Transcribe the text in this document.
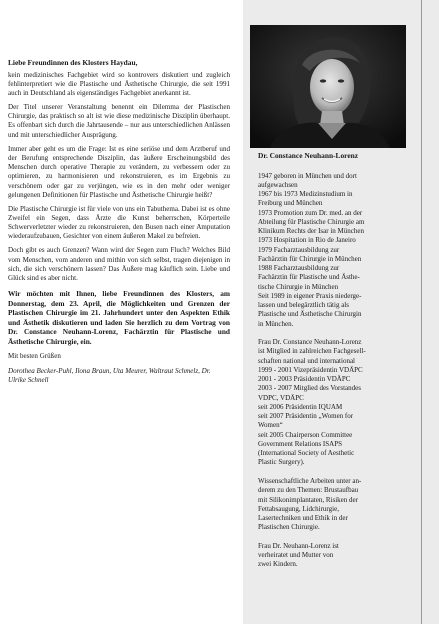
Liebe Freundinnen des Klosters Haydau,

kein medizinisches Fachgebiet wird so kontrovers diskutiert und zugleich fehlinterpretiert wie die Plastische und Ästhetische Chirurgie, die seit 1991 auch in Deutschland als eigenständiges Fachgebiet anerkannt ist.

Der Titel unserer Veranstaltung benennt ein Dilemma der Plastischen Chirurgie, das praktisch so alt ist wie diese medizinische Disziplin überhaupt. Es offenbart sich durch die Jahrtausende – nur aus unterschiedlichen Anlässen und mit unterschiedlicher Ausprägung.

Immer aber geht es um die Frage: Ist es eine seriöse und dem Arztberuf und der Berufung entsprechende Disziplin, das äußere Erscheinungsbild des Menschen durch operative Therapie zu verändern, zu verbessern oder zu optimieren, zu harmonisieren und rekonstruieren, es im Ergebnis zu verschönern oder gar zu verjüngen, wie es in den mehr oder weniger gelungenen Definitionen für Plastische und Ästhetische Chirurgie heißt?

Die Plastische Chirurgie ist für viele von uns ein Tabuthema. Dabei ist es ohne Zweifel ein Segen, dass Ärzte die Kunst beherrschen, Körperteile Schwerverletzter wieder zu rekonstruieren, den Busen nach einer Amputation wiederaufzubauen, Gesichter von einem äußeren Makel zu befreien.

Doch gibt es auch Grenzen? Wann wird der Segen zum Fluch? Welches Bild vom Menschen, vom anderen und mithin von sich selbst, tragen diejenigen in sich, die sich verschönern lassen? Das Äußere mag käuflich sein. Liebe und Glück sind es aber nicht.

Wir möchten mit Ihnen, liebe Freundinnen des Klosters, am Donnerstag, dem 23. April, die Möglichkeiten und Grenzen der Plastischen Chirurgie im 21. Jahrhundert unter den Aspekten Ethik und Ästhetik diskutieren und laden Sie herzlich zu dem Vortrag von Dr. Constance Neuhann-Lorenz, Fachärztin für Plastische und Ästhetische Chirurgie, ein.

Mit besten Grüßen

Dorothea Becker-Puhl, Ilona Braun, Uta Meurer, Waltraut Schmelz, Dr. Ulrike Schnell

Dr. Constance Neuhann-Lorenz

1947 geboren in München und dort
aufgewachsen
1967 bis 1973 Medizinstudium in
Freiburg und München
1973 Promotion zum Dr. med. an der
Abteilung für Plastische Chirurgie am
Klinikum Rechts der Isar in München
1973 Hospitation in Rio de Janeiro
1979 Facharztausbildung zur
Fachärztin für Chirurgie in München
1988 Facharztausbildung zur
Fachärztin für Plastische und Ästhe-
tische Chirurgie in München
Seit 1989 in eigener Praxis niederge-
lassen und belegärztlich tätig als
Plastische und Ästhetische Chirurgin
in München.

Frau Dr. Constance Neuhann-Lorenz
ist Mitglied in zahlreichen Fachgesell-
schaften national und international
1999 - 2001 Vizepräsidentin VDÄPC
2001 - 2003 Präsidentin VDÄPC
2003 - 2007 Mitglied des Vorstandes
VDPC, VDÄPC
seit 2006 Präsidentin IQUAM
seit 2007 Präsidentin „Women for
Women“
seit 2005 Chairperson Committee
Government Relations ISAPS
(International Society of Aesthetic
Plastic Surgery).

Wissenschaftliche Arbeiten unter an-
derem zu den Themen: Brustaufbau
mit Silikonimplantaten, Risiken der
Fettabsaugung, Lidchirurgie,
Lasertechniken und Ethik in der
Plastischen Chirurgie.

Frau Dr. Neuhann-Lorenz ist
verheiratet und Mutter von
zwei Kindern.
